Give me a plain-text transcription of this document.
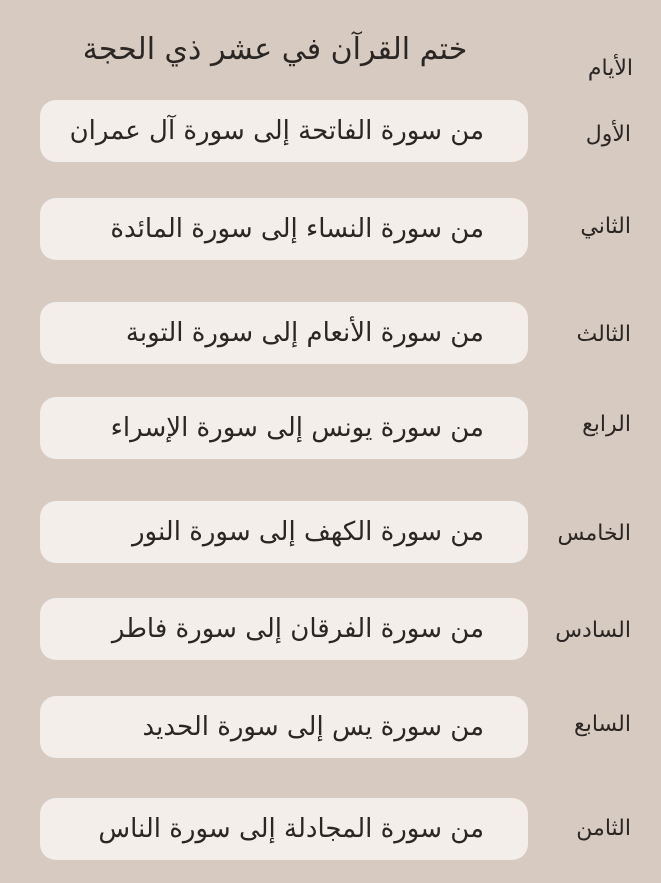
ختم القرآن في عشر ذي الحجة
الأيام
الأول
من سورة الفاتحة إلى سورة آل عمران
الثاني
من سورة النساء إلى سورة المائدة
الثالث
من سورة الأنعام إلى سورة التوبة
الرابع
من سورة يونس إلى سورة الإسراء
الخامس
من سورة الكهف إلى سورة النور
السادس
من سورة الفرقان إلى سورة فاطر
السابع
من سورة يس إلى سورة الحديد
الثامن
من سورة المجادلة إلى سورة الناس
